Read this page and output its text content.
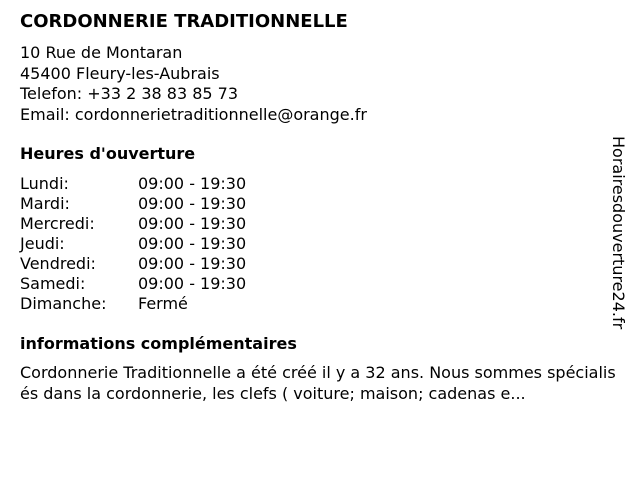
CORDONNERIE TRADITIONNELLE
10 Rue de Montaran
45400 Fleury-les-Aubrais
Telefon: +33 2 38 83 85 73
Email: cordonnerietraditionnelle@orange.fr
Heures d'ouverture
Lundi:	09:00 - 19:30
Mardi:	09:00 - 19:30
Mercredi:	09:00 - 19:30
Jeudi:	09:00 - 19:30
Vendredi:	09:00 - 19:30
Samedi:	09:00 - 19:30
Dimanche:	Fermé
informations complémentaires
Cordonnerie Traditionnelle a été créé il y a 32 ans. Nous sommes spécialisés dans la cordonnerie, les clefs ( voiture; maison; cadenas e...
Horairesdouverture24.fr
